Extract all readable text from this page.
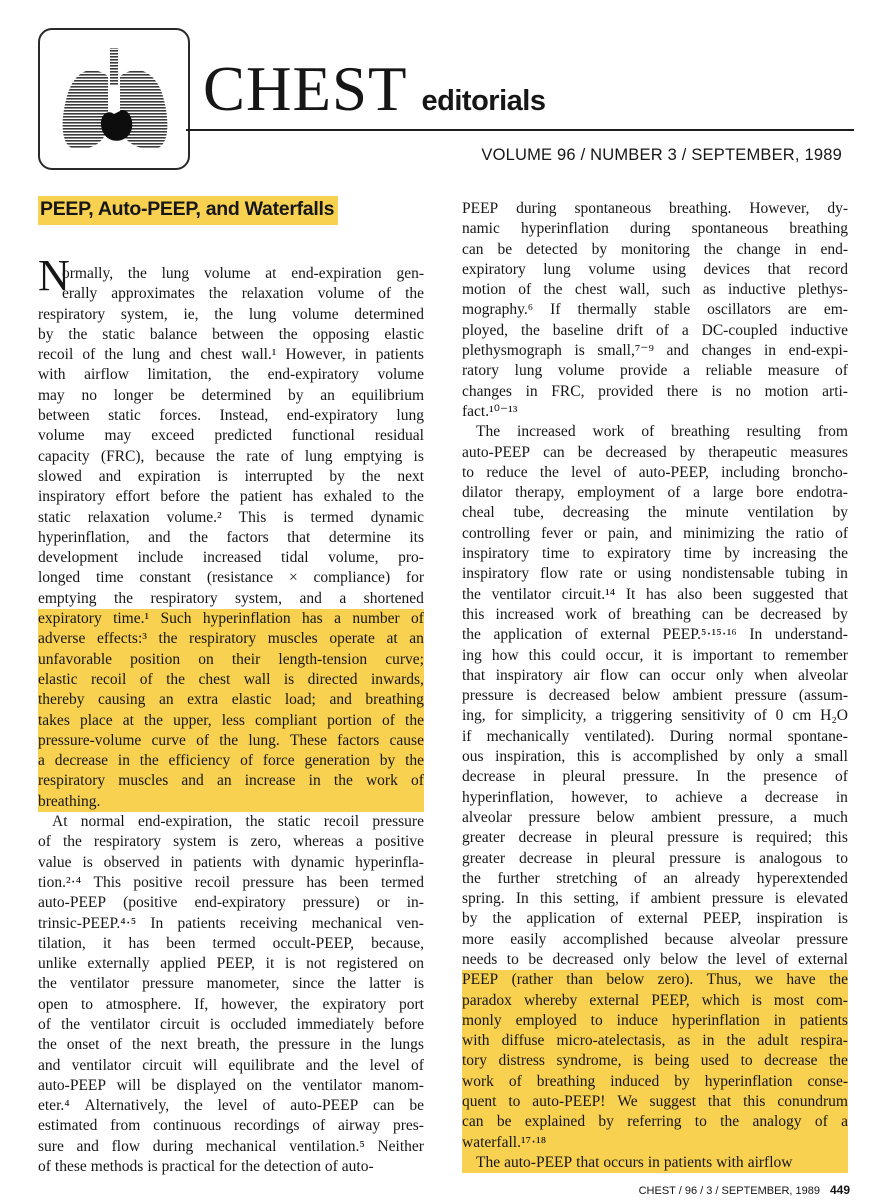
CHEST editorials
VOLUME 96 / NUMBER 3 / SEPTEMBER, 1989
PEEP, Auto-PEEP, and Waterfalls
N
ormally, the lung volume at end-expiration gen-
erally approximates the relaxation volume of the
respiratory system, ie, the lung volume determined
by the static balance between the opposing elastic
recoil of the lung and chest wall.¹ However, in patients
with airflow limitation, the end-expiratory volume
may no longer be determined by an equilibrium
between static forces. Instead, end-expiratory lung
volume may exceed predicted functional residual
capacity (FRC), because the rate of lung emptying is
slowed and expiration is interrupted by the next
inspiratory effort before the patient has exhaled to the
static relaxation volume.² This is termed dynamic
hyperinflation, and the factors that determine its
development include increased tidal volume, pro-
longed time constant (resistance × compliance) for
emptying the respiratory system, and a shortened
expiratory time.¹ Such hyperinflation has a number of
adverse effects:³ the respiratory muscles operate at an
unfavorable position on their length-tension curve;
elastic recoil of the chest wall is directed inwards,
thereby causing an extra elastic load; and breathing
takes place at the upper, less compliant portion of the
pressure-volume curve of the lung. These factors cause
a decrease in the efficiency of force generation by the
respiratory muscles and an increase in the work of
breathing.
At normal end-expiration, the static recoil pressure
of the respiratory system is zero, whereas a positive
value is observed in patients with dynamic hyperinfla-
tion.²·⁴ This positive recoil pressure has been termed
auto-PEEP (positive end-expiratory pressure) or in-
trinsic-PEEP.⁴·⁵ In patients receiving mechanical ven-
tilation, it has been termed occult-PEEP, because,
unlike externally applied PEEP, it is not registered on
the ventilator pressure manometer, since the latter is
open to atmosphere. If, however, the expiratory port
of the ventilator circuit is occluded immediately before
the onset of the next breath, the pressure in the lungs
and ventilator circuit will equilibrate and the level of
auto-PEEP will be displayed on the ventilator manom-
eter.⁴ Alternatively, the level of auto-PEEP can be
estimated from continuous recordings of airway pres-
sure and flow during mechanical ventilation.⁵ Neither
of these methods is practical for the detection of auto-
PEEP during spontaneous breathing. However, dy-
namic hyperinflation during spontaneous breathing
can be detected by monitoring the change in end-
expiratory lung volume using devices that record
motion of the chest wall, such as inductive plethys-
mography.⁶ If thermally stable oscillators are em-
ployed, the baseline drift of a DC-coupled inductive
plethysmograph is small,⁷⁻⁹ and changes in end-expi-
ratory lung volume provide a reliable measure of
changes in FRC, provided there is no motion arti-
fact.¹⁰⁻¹³
The increased work of breathing resulting from
auto-PEEP can be decreased by therapeutic measures
to reduce the level of auto-PEEP, including broncho-
dilator therapy, employment of a large bore endotra-
cheal tube, decreasing the minute ventilation by
controlling fever or pain, and minimizing the ratio of
inspiratory time to expiratory time by increasing the
inspiratory flow rate or using nondistensable tubing in
the ventilator circuit.¹⁴ It has also been suggested that
this increased work of breathing can be decreased by
the application of external PEEP.⁵·¹⁵·¹⁶ In understand-
ing how this could occur, it is important to remember
that inspiratory air flow can occur only when alveolar
pressure is decreased below ambient pressure (assum-
ing, for simplicity, a triggering sensitivity of 0 cm H₂O
if mechanically ventilated). During normal spontane-
ous inspiration, this is accomplished by only a small
decrease in pleural pressure. In the presence of
hyperinflation, however, to achieve a decrease in
alveolar pressure below ambient pressure, a much
greater decrease in pleural pressure is required; this
greater decrease in pleural pressure is analogous to
the further stretching of an already hyperextended
spring. In this setting, if ambient pressure is elevated
by the application of external PEEP, inspiration is
more easily accomplished because alveolar pressure
needs to be decreased only below the level of external
PEEP (rather than below zero). Thus, we have the
paradox whereby external PEEP, which is most com-
monly employed to induce hyperinflation in patients
with diffuse micro-atelectasis, as in the adult respira-
tory distress syndrome, is being used to decrease the
work of breathing induced by hyperinflation conse-
quent to auto-PEEP! We suggest that this conundrum
can be explained by referring to the analogy of a
waterfall.¹⁷·¹⁸
The auto-PEEP that occurs in patients with airflow
CHEST / 96 / 3 / SEPTEMBER, 1989 449
